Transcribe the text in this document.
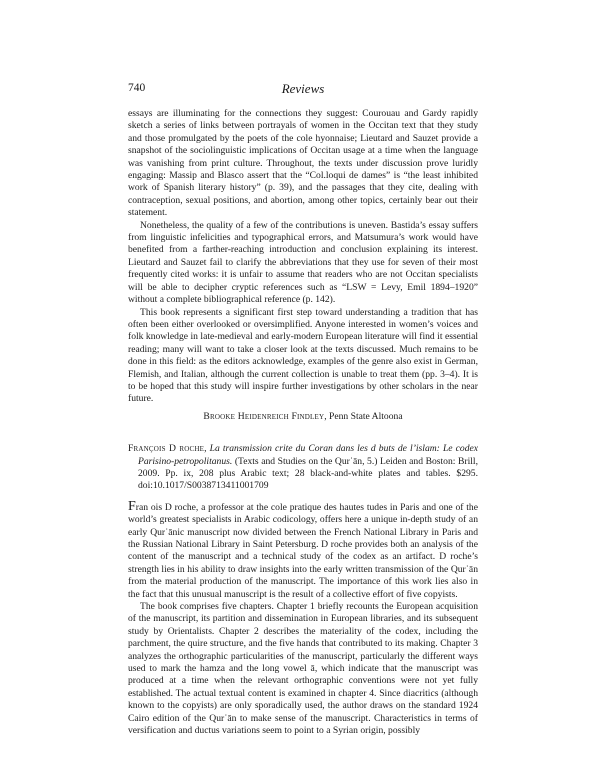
740	Reviews

essays are illuminating for the connections they suggest: Courouau and Gardy rapidly sketch a series of links between portrayals of women in the Occitan text that they study and those promulgated by the poets of the cole hyonnaise; Lieutard and Sauzet provide a snapshot of the sociolinguistic implications of Occitan usage at a time when the language was vanishing from print culture. Throughout, the texts under discussion prove luridly engaging: Massip and Blasco assert that the “Col.loqui de dames” is “the least inhibited work of Spanish literary history” (p. 39), and the passages that they cite, dealing with contraception, sexual positions, and abortion, among other topics, certainly bear out their statement.

Nonetheless, the quality of a few of the contributions is uneven. Bastida’s essay suffers from linguistic infelicities and typographical errors, and Matsumura’s work would have benefited from a farther-reaching introduction and conclusion explaining its interest. Lieutard and Sauzet fail to clarify the abbreviations that they use for seven of their most frequently cited works: it is unfair to assume that readers who are not Occitan specialists will be able to decipher cryptic references such as “LSW = Levy, Emil 1894–1920” without a complete bibliographical reference (p. 142).

This book represents a significant first step toward understanding a tradition that has often been either overlooked or oversimplified. Anyone interested in women’s voices and folk knowledge in late-medieval and early-modern European literature will find it essential reading; many will want to take a closer look at the texts discussed. Much remains to be done in this field: as the editors acknowledge, examples of the genre also exist in German, Flemish, and Italian, although the current collection is unable to treat them (pp. 3–4). It is to be hoped that this study will inspire further investigations by other scholars in the near future.

Brooke Heidenreich Findley, Penn State Altoona

François D roche, La transmission crite du Coran dans les d buts de l’islam: Le codex Parisino-petropolitanus. (Texts and Studies on the Qurʾān, 5.) Leiden and Boston: Brill, 2009. Pp. ix, 208 plus Arabic text; 28 black-and-white plates and tables. $295. doi:10.1017/S0038713411001709

Fran ois D roche, a professor at the cole pratique des hautes tudes in Paris and one of the world’s greatest specialists in Arabic codicology, offers here a unique in-depth study of an early Qurʾānic manuscript now divided between the French National Library in Paris and the Russian National Library in Saint Petersburg. D roche provides both an analysis of the content of the manuscript and a technical study of the codex as an artifact. D roche’s strength lies in his ability to draw insights into the early written transmission of the Qurʾān from the material production of the manuscript. The importance of this work lies also in the fact that this unusual manuscript is the result of a collective effort of five copyists.

The book comprises five chapters. Chapter 1 briefly recounts the European acquisition of the manuscript, its partition and dissemination in European libraries, and its subsequent study by Orientalists. Chapter 2 describes the materiality of the codex, including the parchment, the quire structure, and the five hands that contributed to its making. Chapter 3 analyzes the orthographic particularities of the manuscript, particularly the different ways used to mark the hamza and the long vowel ā, which indicate that the manuscript was produced at a time when the relevant orthographic conventions were not yet fully established. The actual textual content is examined in chapter 4. Since diacritics (although known to the copyists) are only sporadically used, the author draws on the standard 1924 Cairo edition of the Qurʾān to make sense of the manuscript. Characteristics in terms of versification and ductus variations seem to point to a Syrian origin, possibly
